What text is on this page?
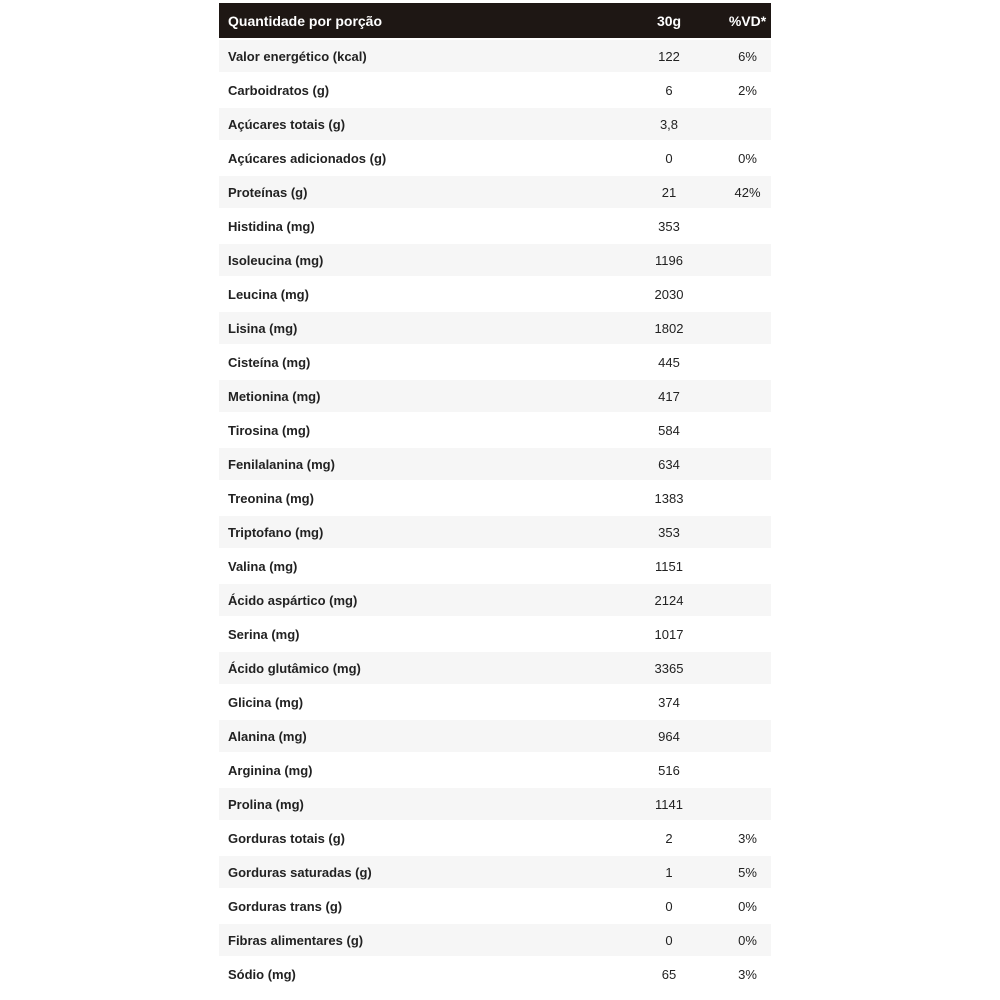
Quantidade por porção	30g	%VD*
Valor energético (kcal)	122	6%
Carboidratos (g)	6	2%
Açúcares totais (g)	3,8
Açúcares adicionados (g)	0	0%
Proteínas (g)	21	42%
Histidina (mg)	353
Isoleucina (mg)	1196
Leucina (mg)	2030
Lisina (mg)	1802
Cisteína (mg)	445
Metionina (mg)	417
Tirosina (mg)	584
Fenilalanina (mg)	634
Treonina (mg)	1383
Triptofano (mg)	353
Valina (mg)	1151
Ácido aspártico (mg)	2124
Serina (mg)	1017
Ácido glutâmico (mg)	3365
Glicina (mg)	374
Alanina (mg)	964
Arginina (mg)	516
Prolina (mg)	1141
Gorduras totais (g)	2	3%
Gorduras saturadas (g)	1	5%
Gorduras trans (g)	0	0%
Fibras alimentares (g)	0	0%
Sódio (mg)	65	3%
